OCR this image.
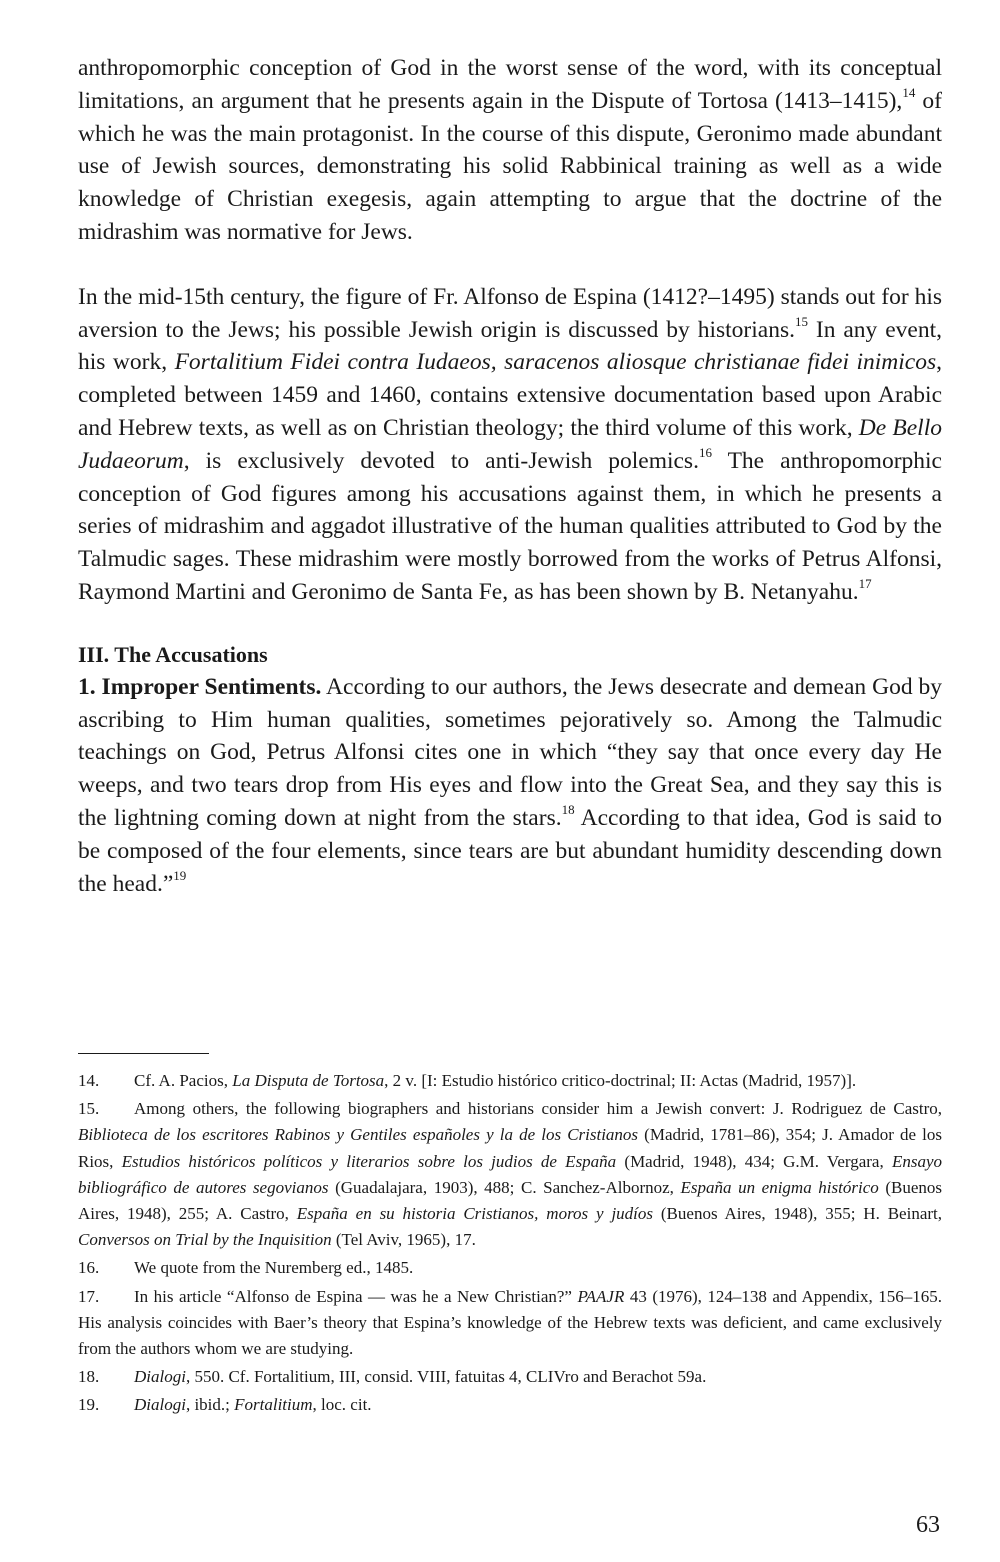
anthropomorphic conception of God in the worst sense of the word, with its conceptual limitations, an argument that he presents again in the Dispute of Tortosa (1413–1415),$^{14}$ of which he was the main protagonist. In the course of this dispute, Geronimo made abundant use of Jewish sources, demonstrating his solid Rabbinical training as well as a wide knowledge of Christian exegesis, again attempting to argue that the doctrine of the midrashim was normative for Jews.

In the mid-15th century, the figure of Fr. Alfonso de Espina (1412?–1495) stands out for his aversion to the Jews; his possible Jewish origin is discussed by historians.$^{15}$ In any event, his work, Fortalitium Fidei contra Iudaeos, saracenos aliosque christianae fidei inimicos, completed between 1459 and 1460, contains extensive documentation based upon Arabic and Hebrew texts, as well as on Christian theology; the third volume of this work, De Bello Judaeorum, is exclusively devoted to anti-Jewish polemics.$^{16}$ The anthropomorphic conception of God figures among his accusations against them, in which he presents a series of midrashim and aggadot illustrative of the human qualities attributed to God by the Talmudic sages. These midrashim were mostly borrowed from the works of Petrus Alfonsi, Raymond Martini and Geronimo de Santa Fe, as has been shown by B. Netanyahu.$^{17}$

III. The Accusations

1. Improper Sentiments. According to our authors, the Jews desecrate and demean God by ascribing to Him human qualities, sometimes pejoratively so. Among the Talmudic teachings on God, Petrus Alfonsi cites one in which “they say that once every day He weeps, and two tears drop from His eyes and flow into the Great Sea, and they say this is the lightning coming down at night from the stars.$^{18}$ According to that idea, God is said to be composed of the four elements, since tears are but abundant humidity descending down the head.”$^{19}$

14. Cf. A. Pacios, La Disputa de Tortosa, 2 v. [I: Estudio histórico critico-doctrinal; II: Actas (Madrid, 1957)].

15. Among others, the following biographers and historians consider him a Jewish convert: J. Rodriguez de Castro, Biblioteca de los escritores Rabinos y Gentiles españoles y la de los Cristianos (Madrid, 1781–86), 354; J. Amador de los Rios, Estudios históricos políticos y literarios sobre los judios de España (Madrid, 1948), 434; G.M. Vergara, Ensayo bibliográfico de autores segovianos (Guadalajara, 1903), 488; C. Sanchez-Albornoz, España un enigma histórico (Buenos Aires, 1948), 255; A. Castro, España en su historia Cristianos, moros y judíos (Buenos Aires, 1948), 355; H. Beinart, Conversos on Trial by the Inquisition (Tel Aviv, 1965), 17.

16. We quote from the Nuremberg ed., 1485.

17. In his article “Alfonso de Espina — was he a New Christian?” PAAJR 43 (1976), 124–138 and Appendix, 156–165. His analysis coincides with Baer’s theory that Espina’s knowledge of the Hebrew texts was deficient, and came exclusively from the authors whom we are studying.

18. Dialogi, 550. Cf. Fortalitium, III, consid. VIII, fatuitas 4, CLIVro and Berachot 59a.

19. Dialogi, ibid.; Fortalitium, loc. cit.

63
